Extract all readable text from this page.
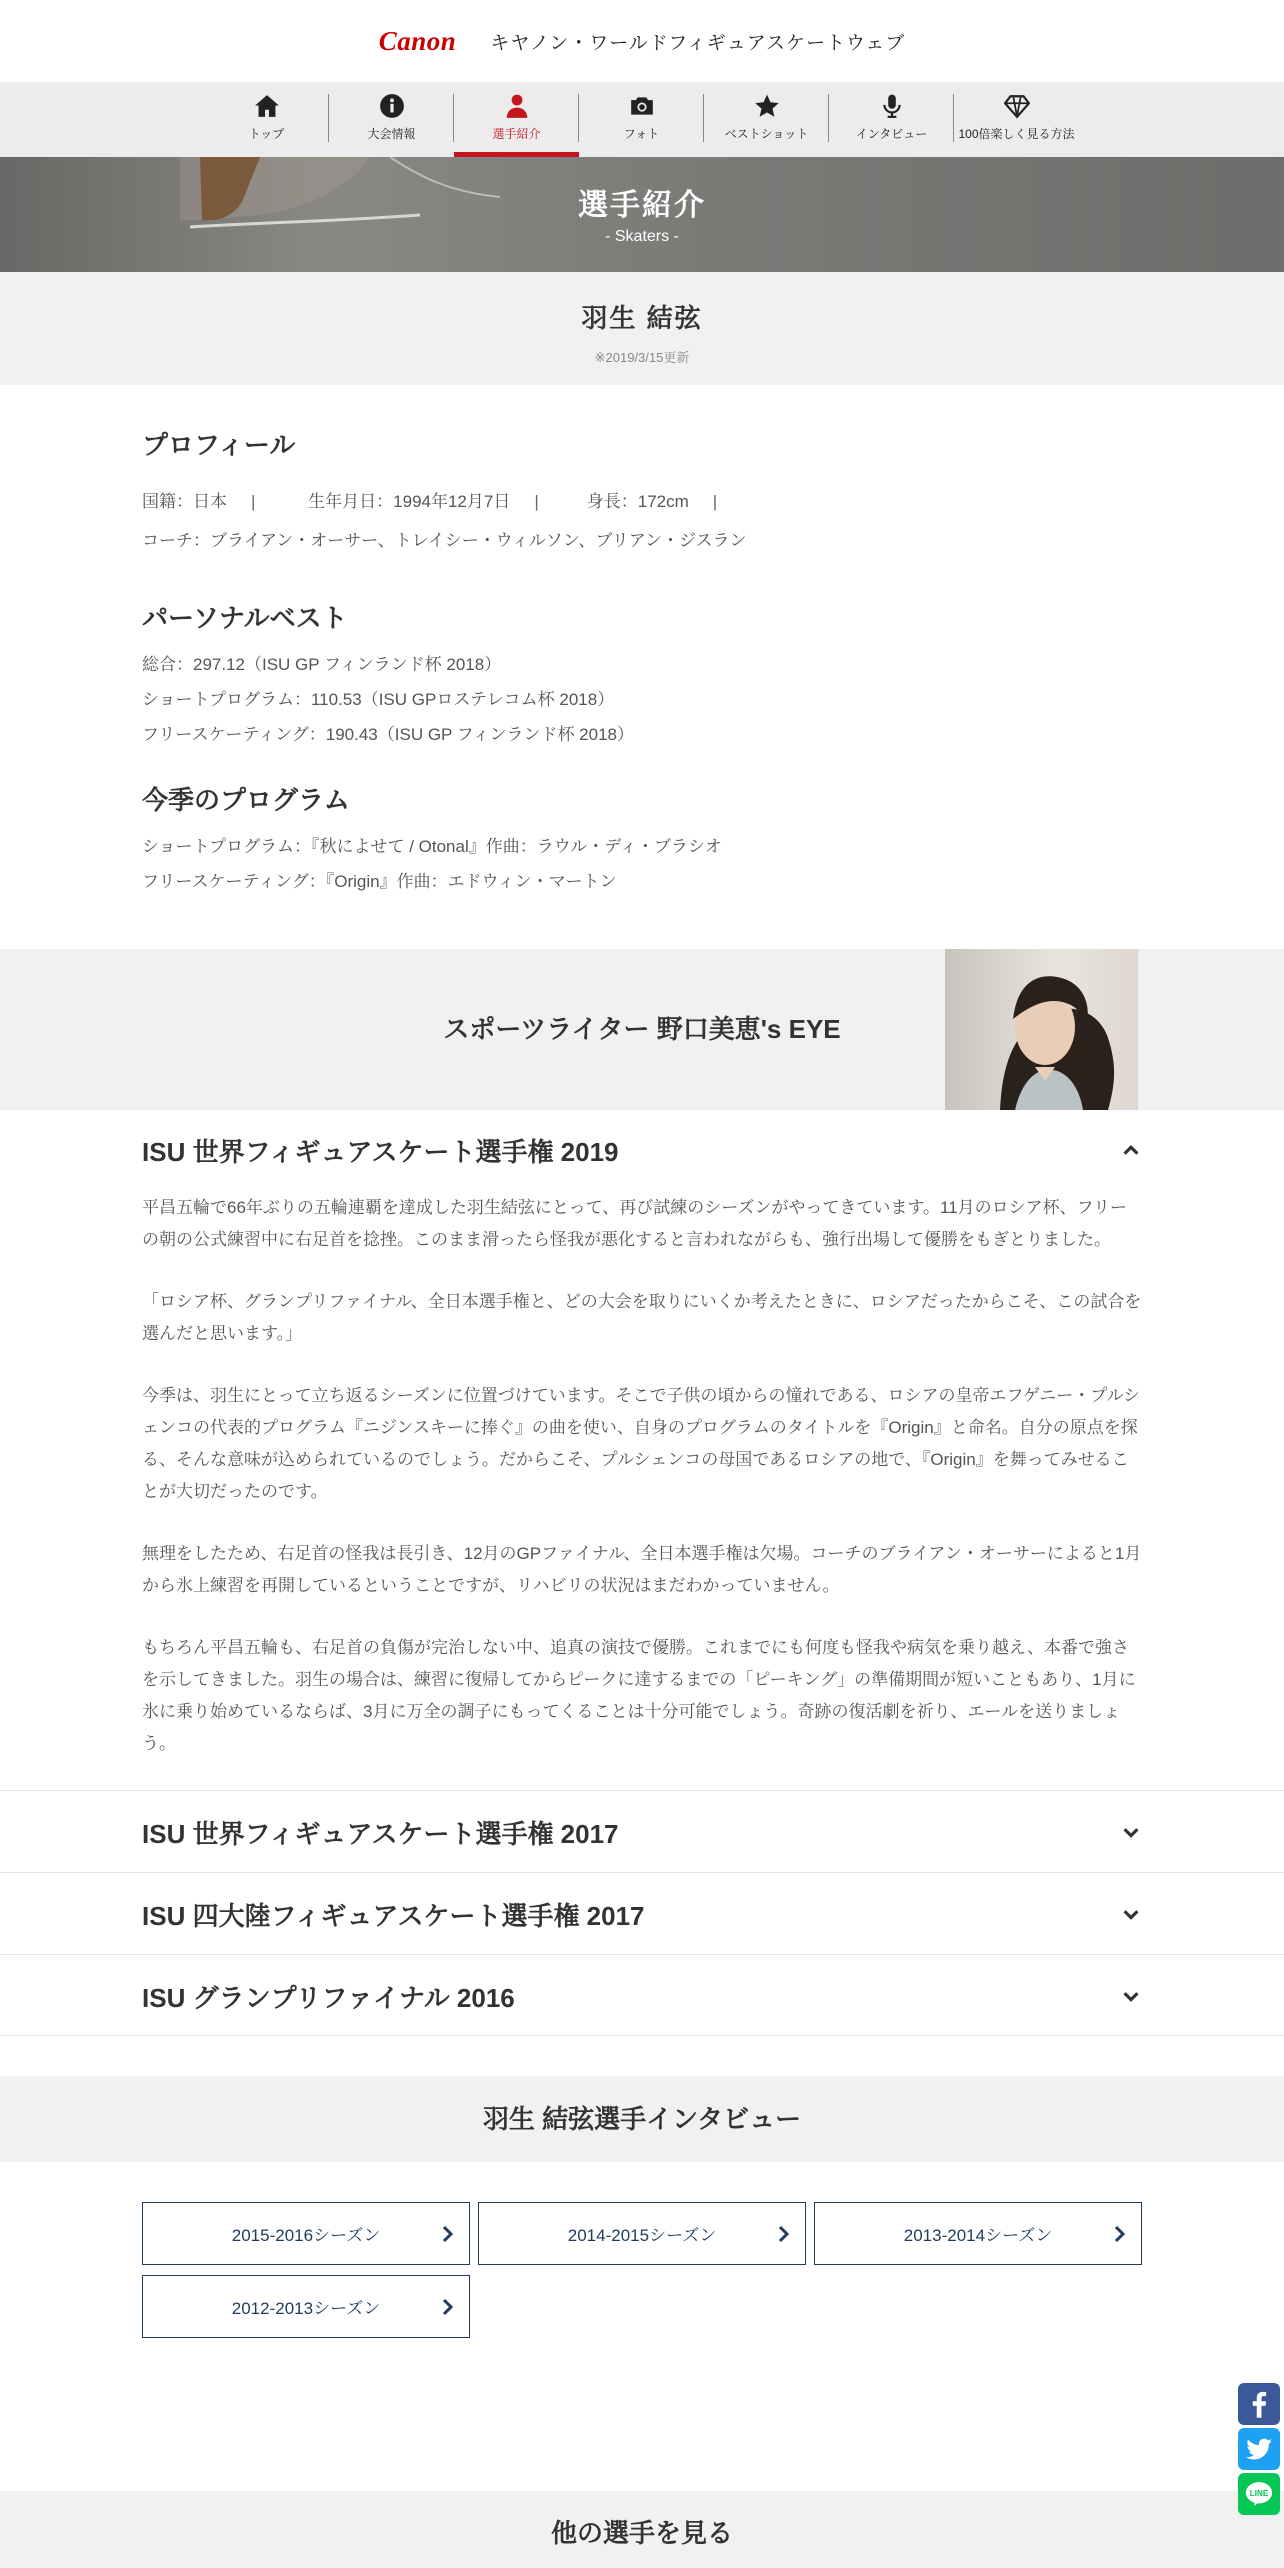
Canon キヤノン・ワールドフィギュアスケートウェブ
トップ	大会情報	選手紹介	フォト	ベストショット	インタビュー	100倍楽しく見る方法
選手紹介
- Skaters -
羽生 結弦
※2019/3/15更新
プロフィール
国籍：日本 |	生年月日：1994年12月7日 |	身長：172cm |
コーチ：ブライアン・オーサー、トレイシー・ウィルソン、ブリアン・ジスラン
パーソナルベスト
総合：297.12（ISU GP フィンランド杯 2018）
ショートプログラム：110.53（ISU GPロステレコム杯 2018）
フリースケーティング：190.43（ISU GP フィンランド杯 2018）
今季のプログラム
ショートプログラム：『秋によせて / Otonal』作曲：ラウル・ディ・ブラシオ
フリースケーティング：『Origin』作曲：エドウィン・マートン
スポーツライター 野口美恵's EYE
ISU 世界フィギュアスケート選手権 2019

平昌五輪で66年ぶりの五輪連覇を達成した羽生結弦にとって、再び試練のシーズンがやってきています。11月のロシア杯、フリーの朝の公式練習中に右足首を捻挫。このまま滑ったら怪我が悪化すると言われながらも、強行出場して優勝をもぎとりました。

「ロシア杯、グランプリファイナル、全日本選手権と、どの大会を取りにいくか考えたときに、ロシアだったからこそ、この試合を選んだと思います。」

今季は、羽生にとって立ち返るシーズンに位置づけています。そこで子供の頃からの憧れである、ロシアの皇帝エフゲニー・プルシェンコの代表的プログラム『ニジンスキーに捧ぐ』の曲を使い、自身のプログラムのタイトルを『Origin』と命名。自分の原点を探る、そんな意味が込められているのでしょう。だからこそ、プルシェンコの母国であるロシアの地で、『Origin』を舞ってみせることが大切だったのです。

無理をしたため、右足首の怪我は長引き、12月のGPファイナル、全日本選手権は欠場。コーチのブライアン・オーサーによると1月から氷上練習を再開しているということですが、リハビリの状況はまだわかっていません。

もちろん平昌五輪も、右足首の負傷が完治しない中、追真の演技で優勝。これまでにも何度も怪我や病気を乗り越え、本番で強さを示してきました。羽生の場合は、練習に復帰してからピークに達するまでの「ピーキング」の準備期間が短いこともあり、1月に氷に乗り始めているならば、3月に万全の調子にもってくることは十分可能でしょう。奇跡の復活劇を祈り、エールを送りましょう。

ISU 世界フィギュアスケート選手権 2017
ISU 四大陸フィギュアスケート選手権 2017
ISU グランプリファイナル 2016
羽生 結弦選手インタビュー
2015-2016シーズン	2014-2015シーズン	2013-2014シーズン
2012-2013シーズン
他の選手を見る
LINE
